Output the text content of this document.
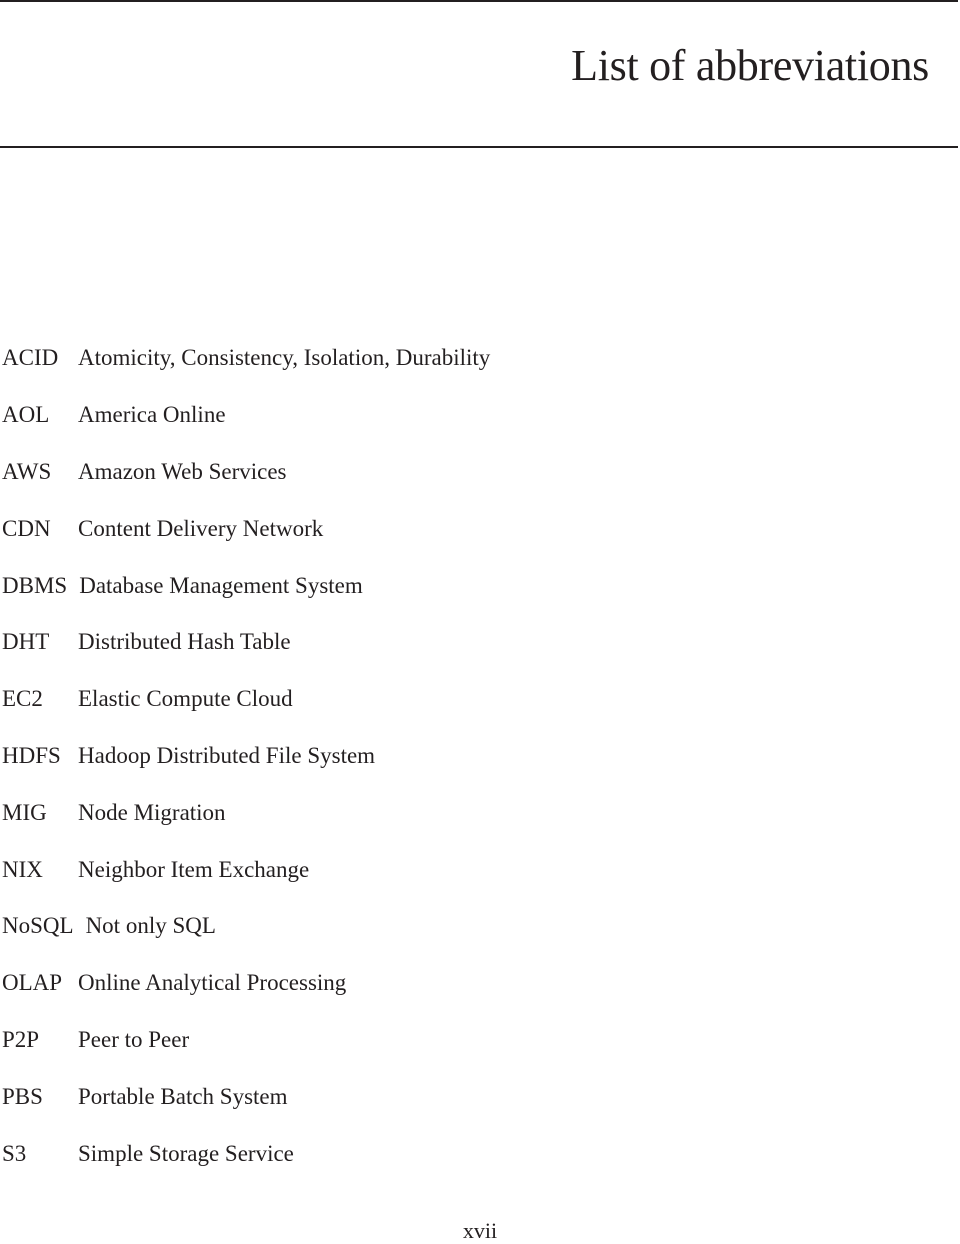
List of abbreviations
ACID Atomicity, Consistency, Isolation, Durability
AOL	America Online
AWS	Amazon Web Services
CDN	Content Delivery Network
DBMS Database Management System
DHT	Distributed Hash Table
EC2	Elastic Compute Cloud
HDFS Hadoop Distributed File System
MIG	Node Migration
NIX	Neighbor Item Exchange
NoSQL Not only SQL
OLAP Online Analytical Processing
P2P	Peer to Peer
PBS	Portable Batch System
S3	Simple Storage Service
xvii
